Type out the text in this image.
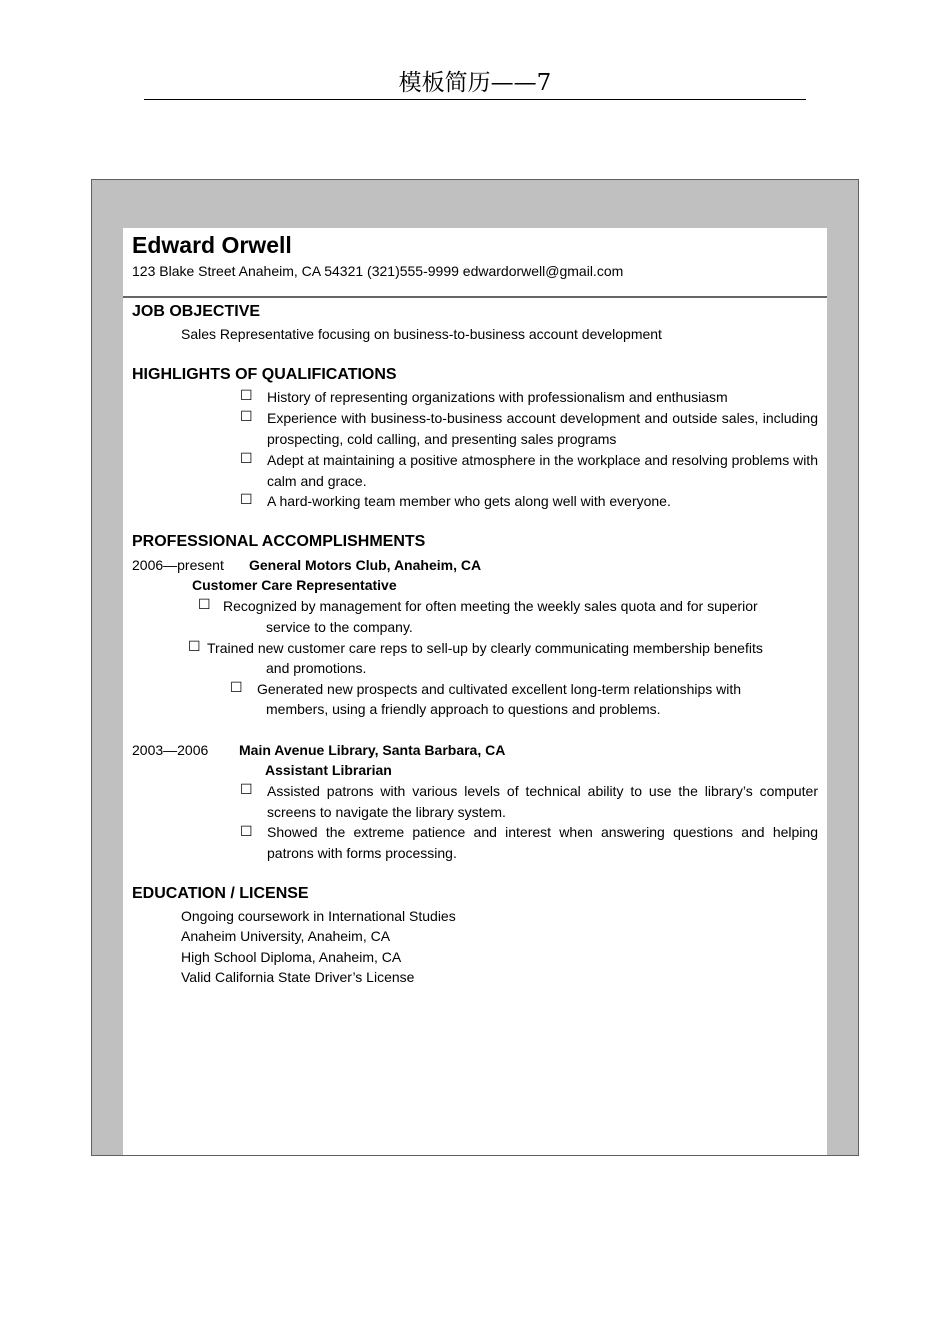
模板简历——7
Edward Orwell
123 Blake Street Anaheim, CA 54321 (321)555-9999 edwardorwell@gmail.com
JOB OBJECTIVE
Sales Representative focusing on business-to-business account development
HIGHLIGHTS OF QUALIFICATIONS
☐ History of representing organizations with professionalism and enthusiasm
☐ Experience with business-to-business account development and outside sales, including prospecting, cold calling, and presenting sales programs
☐ Adept at maintaining a positive atmosphere in the workplace and resolving problems with calm and grace.
☐ A hard-working team member who gets along well with everyone.
PROFESSIONAL ACCOMPLISHMENTS
2006—present General Motors Club, Anaheim, CA
Customer Care Representative
☐ Recognized by management for often meeting the weekly sales quota and for superior
service to the company.
☐ Trained new customer care reps to sell-up by clearly communicating membership benefits
and promotions.
☐ Generated new prospects and cultivated excellent long-term relationships with
members, using a friendly approach to questions and problems.
2003—2006 Main Avenue Library, Santa Barbara, CA
Assistant Librarian
☐ Assisted patrons with various levels of technical ability to use the library’s computer screens to navigate the library system.
☐ Showed the extreme patience and interest when answering questions and helping patrons with forms processing.
EDUCATION / LICENSE
Ongoing coursework in International Studies
Anaheim University, Anaheim, CA
High School Diploma, Anaheim, CA
Valid California State Driver’s License
